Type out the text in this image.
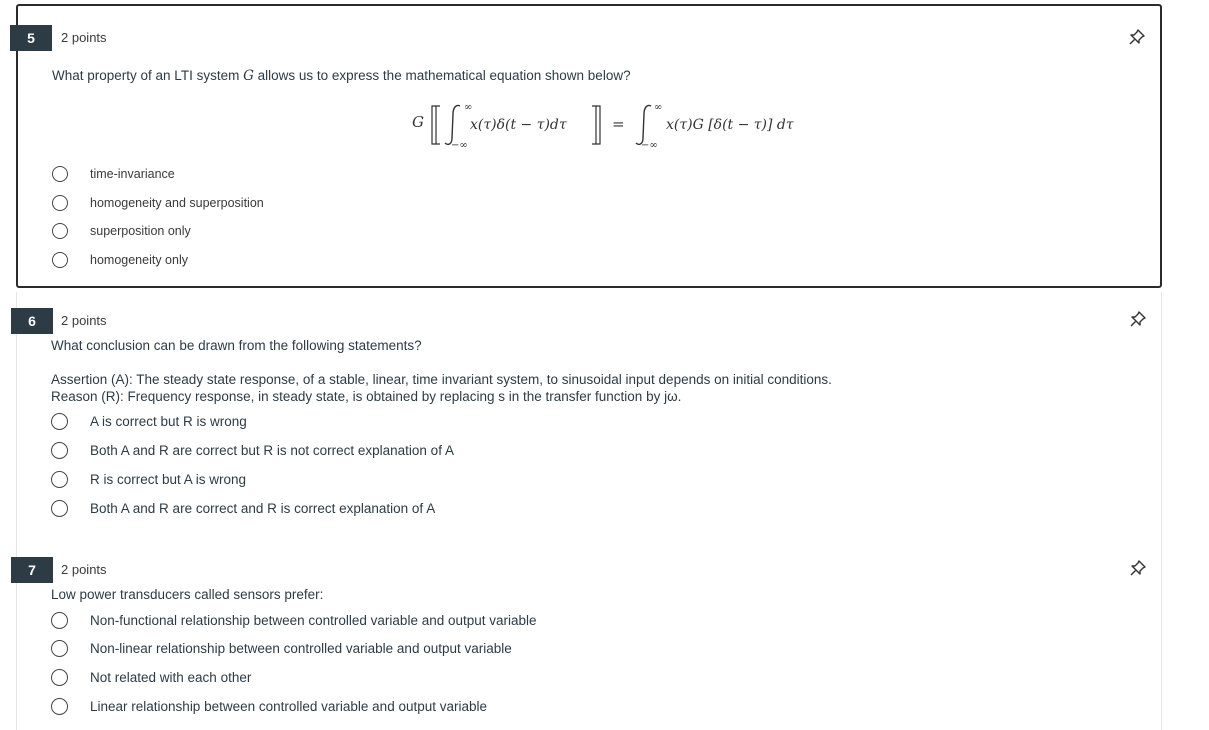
5	2 points
What property of an LTI system G allows us to express the mathematical equation shown below?
G
∞
−∞
x(τ)δ(t − τ)dτ	=
∞
−∞
x(τ)G [δ(t − τ)] dτ
time-invariance
homogeneity and superposition
superposition only
homogeneity only
6	2 points
What conclusion can be drawn from the following statements?
Assertion (A): The steady state response, of a stable, linear, time invariant system, to sinusoidal input depends on initial conditions.
Reason (R): Frequency response, in steady state, is obtained by replacing s in the transfer function by jω.
A is correct but R is wrong
Both A and R are correct but R is not correct explanation of A
R is correct but A is wrong
Both A and R are correct and R is correct explanation of A
7	2 points
Low power transducers called sensors prefer:
Non-functional relationship between controlled variable and output variable
Non-linear relationship between controlled variable and output variable
Not related with each other
Linear relationship between controlled variable and output variable
